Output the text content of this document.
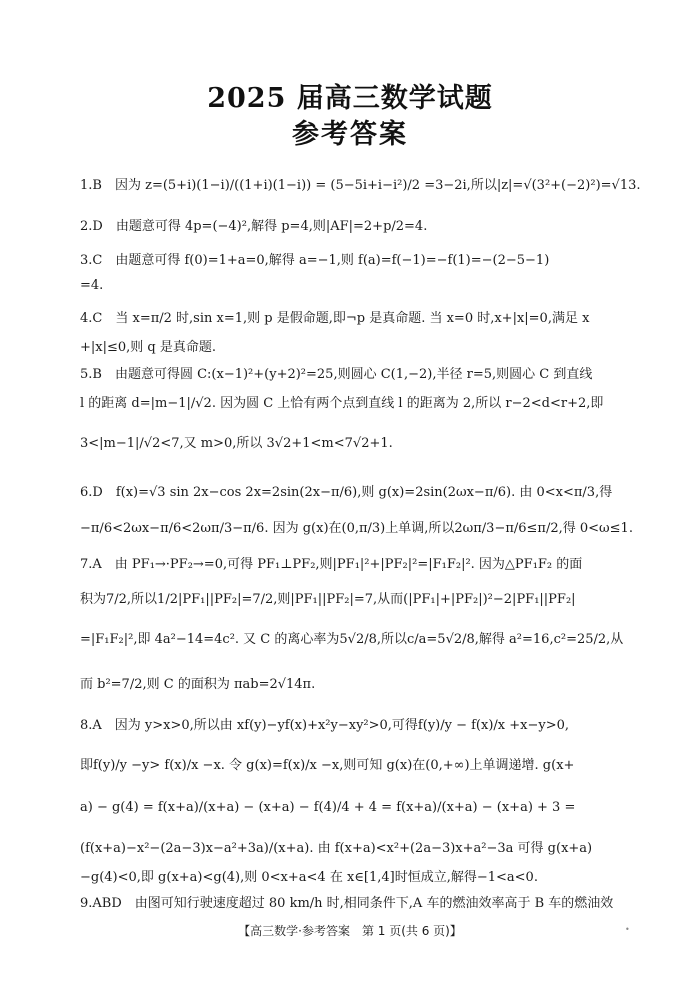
2025 届高三数学试题
参考答案
1.B　因为 z=(5+i)(1−i)/((1+i)(1−i)) = (5−5i+i−i²)/2 =3−2i,所以|z|=√(3²+(−2)²)=√13.
2.D　由题意可得 4p=(−4)²,解得 p=4,则|AF|=2+p/2=4.
3.C　由题意可得 f(0)=1+a=0,解得 a=−1,则 f(a)=f(−1)=−f(1)=−(2−5−1)
=4.
4.C　当 x=π/2 时,sin x=1,则 p 是假命题,即¬p 是真命题. 当 x=0 时,x+|x|=0,满足 x
+|x|≤0,则 q 是真命题.
5.B　由题意可得圆 C:(x−1)²+(y+2)²=25,则圆心 C(1,−2),半径 r=5,则圆心 C 到直线
l 的距离 d=|m−1|/√2. 因为圆 C 上恰有两个点到直线 l 的距离为 2,所以 r−2<d<r+2,即
3<|m−1|/√2<7,又 m>0,所以 3√2+1<m<7√2+1.
6.D　f(x)=√3 sin 2x−cos 2x=2sin(2x−π/6),则 g(x)=2sin(2ωx−π/6). 由 0<x<π/3,得
−π/6<2ωx−π/6<2ωπ/3−π/6. 因为 g(x)在(0,π/3)上单调,所以2ωπ/3−π/6≤π/2,得 0<ω≤1.
7.A　由 PF₁→·PF₂→=0,可得 PF₁⊥PF₂,则|PF₁|²+|PF₂|²=|F₁F₂|². 因为△PF₁F₂ 的面
积为7/2,所以1/2|PF₁||PF₂|=7/2,则|PF₁||PF₂|=7,从而(|PF₁|+|PF₂|)²−2|PF₁||PF₂|
=|F₁F₂|²,即 4a²−14=4c². 又 C 的离心率为5√2/8,所以c/a=5√2/8,解得 a²=16,c²=25/2,从
而 b²=7/2,则 C 的面积为 πab=2√14π.
8.A　因为 y>x>0,所以由 xf(y)−yf(x)+x²y−xy²>0,可得f(y)/y − f(x)/x +x−y>0,
即f(y)/y −y> f(x)/x −x. 令 g(x)=f(x)/x −x,则可知 g(x)在(0,+∞)上单调递增. g(x+
a) − g(4) = f(x+a)/(x+a) − (x+a) − f(4)/4 + 4 = f(x+a)/(x+a) − (x+a) + 3 =
(f(x+a)−x²−(2a−3)x−a²+3a)/(x+a). 由 f(x+a)<x²+(2a−3)x+a²−3a 可得 g(x+a)
−g(4)<0,即 g(x+a)<g(4),则 0<x+a<4 在 x∈[1,4]时恒成立,解得−1<a<0.
9.ABD　由图可知行驶速度超过 80 km/h 时,相同条件下,A 车的燃油效率高于 B 车的燃油效
【高三数学·参考答案　第 1 页(共 6 页)】	•
